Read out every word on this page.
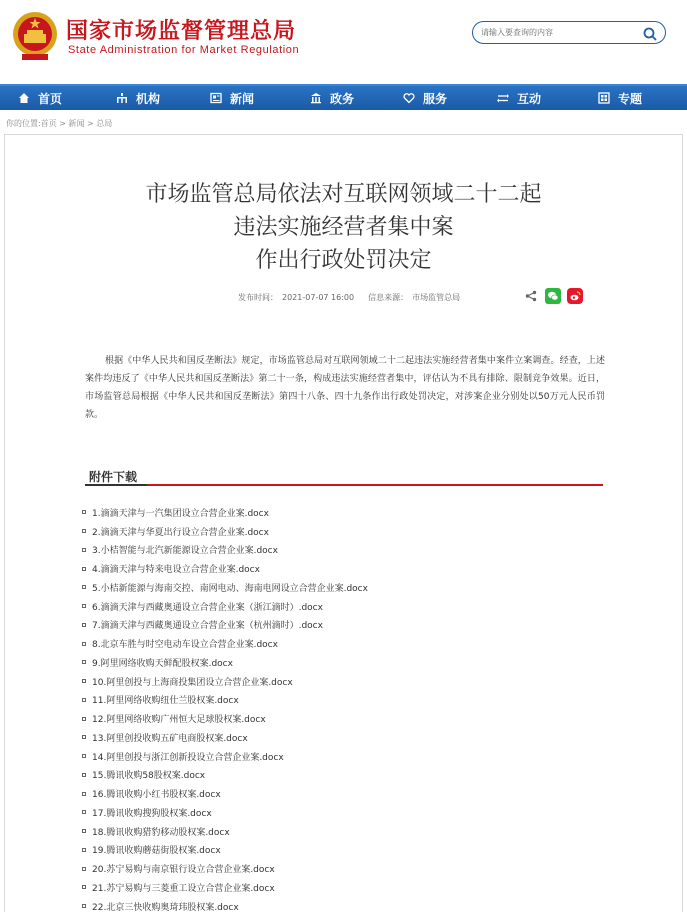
国家市场监督管理总局
State Administration for Market Regulation
请输入要查询的内容
首页	机构	新闻	政务	服务	互动	专题
你的位置:首页 > 新闻 > 总局
市场监管总局依法对互联网领域二十二起
违法实施经营者集中案
作出行政处罚决定
发布时间： 2021-07-07 16:00 信息来源： 市场监管总局
根据《中华人民共和国反垄断法》规定，市场监管总局对互联网领域二十二起违法实施经营者集中案件立案调查。经查，上述案件均违反了《中华人民共和国反垄断法》第二十一条，构成违法实施经营者集中，评估认为不具有排除、限制竞争效果。近日，市场监管总局根据《中华人民共和国反垄断法》第四十八条、四十九条作出行政处罚决定，对涉案企业分别处以50万元人民币罚款。
附件下载
1.滴滴天津与一汽集团设立合营企业案.docx
2.滴滴天津与华夏出行设立合营企业案.docx
3.小桔智能与北汽新能源设立合营企业案.docx
4.滴滴天津与特来电设立合营企业案.docx
5.小桔新能源与海南交控、南网电动、海南电网设立合营企业案.docx
6.滴滴天津与西藏奥通设立合营企业案（浙江滴时）.docx
7.滴滴天津与西藏奥通设立合营企业案（杭州滴时）.docx
8.北京车胜与时空电动车设立合营企业案.docx
9.阿里网络收购天鲜配股权案.docx
10.阿里创投与上海商投集团设立合营企业案.docx
11.阿里网络收购纽仕兰股权案.docx
12.阿里网络收购广州恒大足球股权案.docx
13.阿里创投收购五矿电商股权案.docx
14.阿里创投与浙江创新投设立合营企业案.docx
15.腾讯收购58股权案.docx
16.腾讯收购小红书股权案.docx
17.腾讯收购搜狗股权案.docx
18.腾讯收购猎豹移动股权案.docx
19.腾讯收购蘑菇街股权案.docx
20.苏宁易购与南京银行设立合营企业案.docx
21.苏宁易购与三菱重工设立合营企业案.docx
22.北京三快收购奥琦玮股权案.docx
